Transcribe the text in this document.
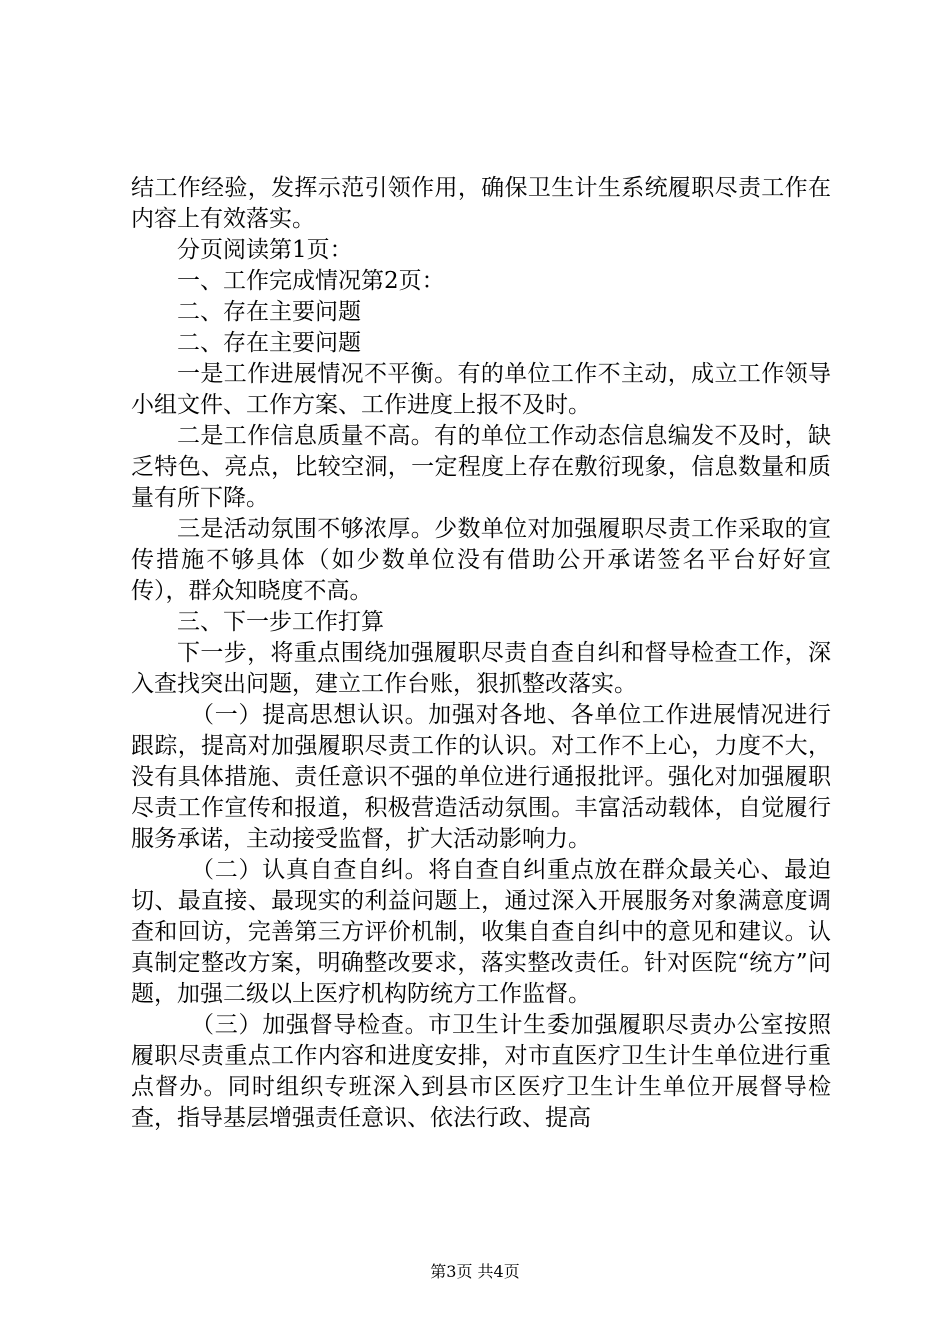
结工作经验，发挥示范引领作用，确保卫生计生系统履职尽责工作在内容上有效落实。

分页阅读第1页：

一、工作完成情况第2页：

二、存在主要问题

二、存在主要问题

一是工作进展情况不平衡。有的单位工作不主动，成立工作领导小组文件、工作方案、工作进度上报不及时。

二是工作信息质量不高。有的单位工作动态信息编发不及时，缺乏特色、亮点，比较空洞，一定程度上存在敷衍现象，信息数量和质量有所下降。

三是活动氛围不够浓厚。少数单位对加强履职尽责工作采取的宣传措施不够具体（如少数单位没有借助公开承诺签名平台好好宣传），群众知晓度不高。

三、下一步工作打算

下一步，将重点围绕加强履职尽责自查自纠和督导检查工作，深入查找突出问题，建立工作台账，狠抓整改落实。

（一）提高思想认识。加强对各地、各单位工作进展情况进行跟踪，提高对加强履职尽责工作的认识。对工作不上心，力度不大，没有具体措施、责任意识不强的单位进行通报批评。强化对加强履职尽责工作宣传和报道，积极营造活动氛围。丰富活动载体，自觉履行服务承诺，主动接受监督，扩大活动影响力。

（二）认真自查自纠。将自查自纠重点放在群众最关心、最迫切、最直接、最现实的利益问题上，通过深入开展服务对象满意度调查和回访，完善第三方评价机制，收集自查自纠中的意见和建议。认真制定整改方案，明确整改要求，落实整改责任。针对医院“统方”问题，加强二级以上医疗机构防统方工作监督。

（三）加强督导检查。市卫生计生委加强履职尽责办公室按照履职尽责重点工作内容和进度安排，对市直医疗卫生计生单位进行重点督办。同时组织专班深入到县市区医疗卫生计生单位开展督导检查，指导基层增强责任意识、依法行政、提高

第3页 共4页
